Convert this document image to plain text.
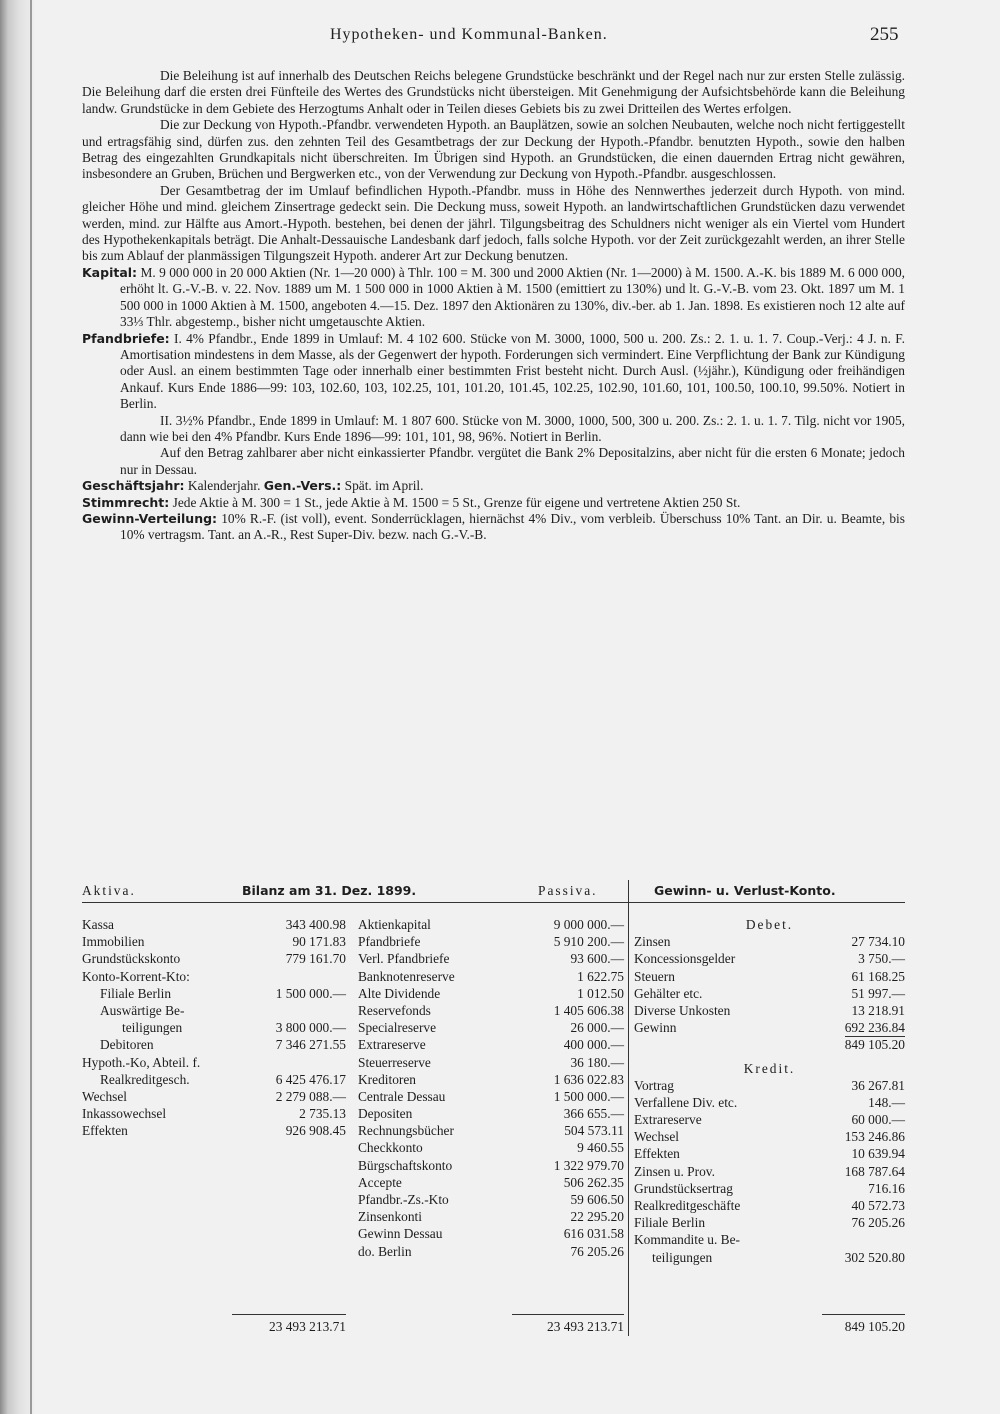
Hypotheken- und Kommunal-Banken.	255

Die Beleihung ist auf innerhalb des Deutschen Reichs belegene Grundstücke beschränkt und der Regel nach nur zur ersten Stelle zulässig. Die Beleihung darf die ersten drei Fünfteile des Wertes des Grundstücks nicht übersteigen. Mit Genehmigung der Aufsichtsbehörde kann die Beleihung landw. Grundstücke in dem Gebiete des Herzogtums Anhalt oder in Teilen dieses Gebiets bis zu zwei Dritteilen des Wertes erfolgen.

Die zur Deckung von Hypoth.-Pfandbr. verwendeten Hypoth. an Bauplätzen, sowie an solchen Neubauten, welche noch nicht fertiggestellt und ertragsfähig sind, dürfen zus. den zehnten Teil des Gesamtbetrags der zur Deckung der Hypoth.-Pfandbr. benutzten Hypoth., sowie den halben Betrag des eingezahlten Grundkapitals nicht überschreiten. Im Übrigen sind Hypoth. an Grundstücken, die einen dauernden Ertrag nicht gewähren, insbesondere an Gruben, Brüchen und Bergwerken etc., von der Verwendung zur Deckung von Hypoth.-Pfandbr. ausgeschlossen.

Der Gesamtbetrag der im Umlauf befindlichen Hypoth.-Pfandbr. muss in Höhe des Nennwerthes jederzeit durch Hypoth. von mind. gleicher Höhe und mind. gleichem Zinsertrage gedeckt sein. Die Deckung muss, soweit Hypoth. an landwirtschaftlichen Grundstücken dazu verwendet werden, mind. zur Hälfte aus Amort.-Hypoth. bestehen, bei denen der jährl. Tilgungsbeitrag des Schuldners nicht weniger als ein Viertel vom Hundert des Hypothekenkapitals beträgt. Die Anhalt-Dessauische Landesbank darf jedoch, falls solche Hypoth. vor der Zeit zurückgezahlt werden, an ihrer Stelle bis zum Ablauf der planmässigen Tilgungszeit Hypoth. anderer Art zur Deckung benutzen.

Kapital: M. 9 000 000 in 20 000 Aktien (Nr. 1—20 000) à Thlr. 100 = M. 300 und 2000 Aktien (Nr. 1—2000) à M. 1500. A.-K. bis 1889 M. 6 000 000, erhöht lt. G.-V.-B. v. 22. Nov. 1889 um M. 1 500 000 in 1000 Aktien à M. 1500 (emittiert zu 130%) und lt. G.-V.-B. vom 23. Okt. 1897 um M. 1 500 000 in 1000 Aktien à M. 1500, angeboten 4.—15. Dez. 1897 den Aktionären zu 130%, div.-ber. ab 1. Jan. 1898. Es existieren noch 12 alte auf 33⅓ Thlr. abgestemp., bisher nicht umgetauschte Aktien.

Pfandbriefe: I. 4% Pfandbr., Ende 1899 in Umlauf: M. 4 102 600. Stücke von M. 3000, 1000, 500 u. 200. Zs.: 2. 1. u. 1. 7. Coup.-Verj.: 4 J. n. F. Amortisation mindestens in dem Masse, als der Gegenwert der hypoth. Forderungen sich vermindert. Eine Verpflichtung der Bank zur Kündigung oder Ausl. an einem bestimmten Tage oder innerhalb einer bestimmten Frist besteht nicht. Durch Ausl. (½jähr.), Kündigung oder freihändigen Ankauf. Kurs Ende 1886—99: 103, 102.60, 103, 102.25, 101, 101.20, 101.45, 102.25, 102.90, 101.60, 101, 100.50, 100.10, 99.50%. Notiert in Berlin.

II. 3½% Pfandbr., Ende 1899 in Umlauf: M. 1 807 600. Stücke von M. 3000, 1000, 500, 300 u. 200. Zs.: 2. 1. u. 1. 7. Tilg. nicht vor 1905, dann wie bei den 4% Pfandbr. Kurs Ende 1896—99: 101, 101, 98, 96%. Notiert in Berlin.

Auf den Betrag zahlbarer aber nicht einkassierter Pfandbr. vergütet die Bank 2% Depositalzins, aber nicht für die ersten 6 Monate; jedoch nur in Dessau.

Geschäftsjahr: Kalenderjahr. Gen.-Vers.: Spät. im April.

Stimmrecht: Jede Aktie à M. 300 = 1 St., jede Aktie à M. 1500 = 5 St., Grenze für eigene und vertretene Aktien 250 St.

Gewinn-Verteilung: 10% R.-F. (ist voll), event. Sonderrücklagen, hiernächst 4% Div., vom verbleib. Überschuss 10% Tant. an Dir. u. Beamte, bis 10% vertragsm. Tant. an A.-R., Rest Super-Div. bezw. nach G.-V.-B.

Aktiva.	Bilanz am 31. Dez. 1899.	Passiva.	Gewinn- u. Verlust-Konto.
Kassa	343 400.98
Immobilien	90 171.83
Grundstückskonto	779 161.70
Konto-Korrent-Kto:
Filiale Berlin	1 500 000.—
Auswärtige Be-
teiligungen	3 800 000.—
Debitoren	7 346 271.55
Hypoth.-Ko, Abteil. f.
Realkreditgesch.	6 425 476.17
Wechsel	2 279 088.—
Inkassowechsel	2 735.13
Effekten	926 908.45
Aktienkapital	9 000 000.—
Pfandbriefe	5 910 200.—
Verl. Pfandbriefe	93 600.—
Banknotenreserve	1 622.75
Alte Dividende	1 012.50
Reservefonds	1 405 606.38
Specialreserve	26 000.—
Extrareserve	400 000.—
Steuerreserve	36 180.—
Kreditoren	1 636 022.83
Centrale Dessau	1 500 000.—
Depositen	366 655.—
Rechnungsbücher	504 573.11
Checkkonto	9 460.55
Bürgschaftskonto	1 322 979.70
Accepte	506 262.35
Pfandbr.-Zs.-Kto	59 606.50
Zinsenkonti	22 295.20
Gewinn Dessau	616 031.58
do. Berlin	76 205.26
Debet.
Zinsen	27 734.10
Koncessionsgelder	3 750.—
Steuern	61 168.25
Gehälter etc.	51 997.—
Diverse Unkosten	13 218.91
Gewinn	692 236.84
849 105.20
Kredit.
Vortrag	36 267.81
Verfallene Div. etc.	148.—
Extrareserve	60 000.—
Wechsel	153 246.86
Effekten	10 639.94
Zinsen u. Prov.	168 787.64
Grundstücksertrag	716.16
Realkreditgeschäfte	40 572.73
Filiale Berlin	76 205.26
Kommandite u. Be-
teiligungen	302 520.80
23 493 213.71	23 493 213.71	849 105.20
